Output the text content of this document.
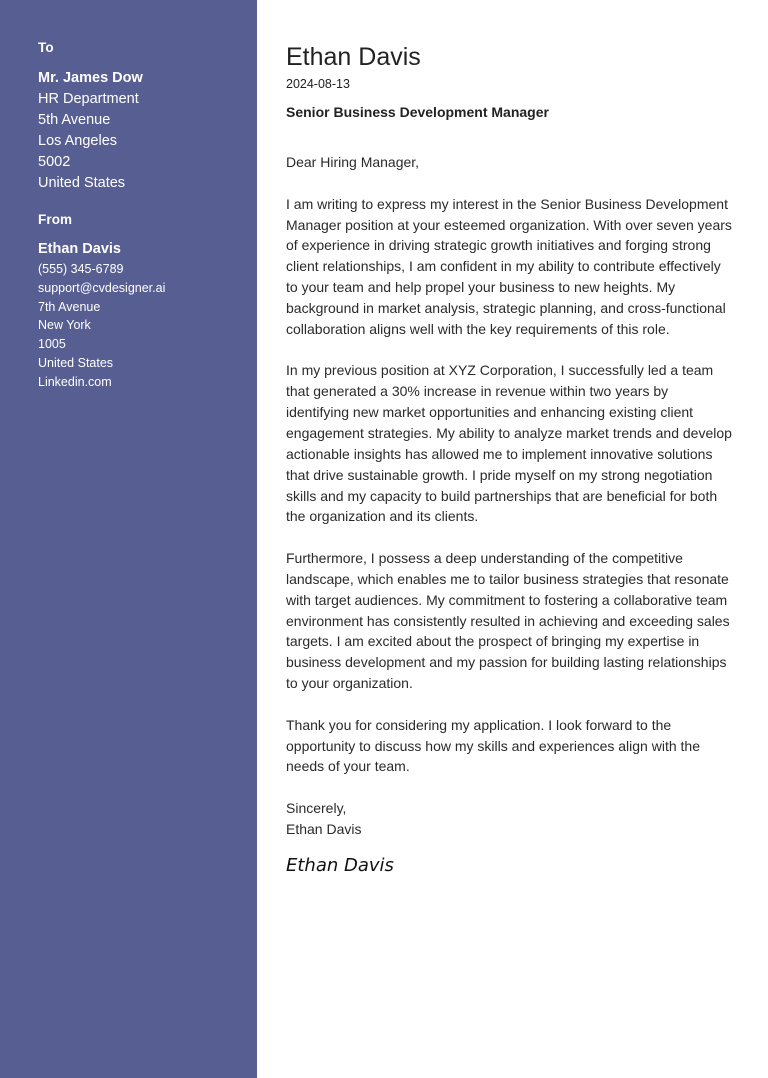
To
Mr. James Dow
HR Department
5th Avenue
Los Angeles
5002
United States
From
Ethan Davis
(555) 345-6789
support@cvdesigner.ai
7th Avenue
New York
1005
United States
Linkedin.com
Ethan Davis
2024-08-13
Senior Business Development Manager

Dear Hiring Manager,

I am writing to express my interest in the Senior Business Development Manager position at your esteemed organization. With over seven years of experience in driving strategic growth initiatives and forging strong client relationships, I am confident in my ability to contribute effectively to your team and help propel your business to new heights. My background in market analysis, strategic planning, and cross-functional collaboration aligns well with the key requirements of this role.

In my previous position at XYZ Corporation, I successfully led a team that generated a 30% increase in revenue within two years by identifying new market opportunities and enhancing existing client engagement strategies. My ability to analyze market trends and develop actionable insights has allowed me to implement innovative solutions that drive sustainable growth. I pride myself on my strong negotiation skills and my capacity to build partnerships that are beneficial for both the organization and its clients.

Furthermore, I possess a deep understanding of the competitive landscape, which enables me to tailor business strategies that resonate with target audiences. My commitment to fostering a collaborative team environment has consistently resulted in achieving and exceeding sales targets. I am excited about the prospect of bringing my expertise in business development and my passion for building lasting relationships to your organization.

Thank you for considering my application. I look forward to the opportunity to discuss how my skills and experiences align with the needs of your team.

Sincerely,

Ethan Davis

Ethan Davis
